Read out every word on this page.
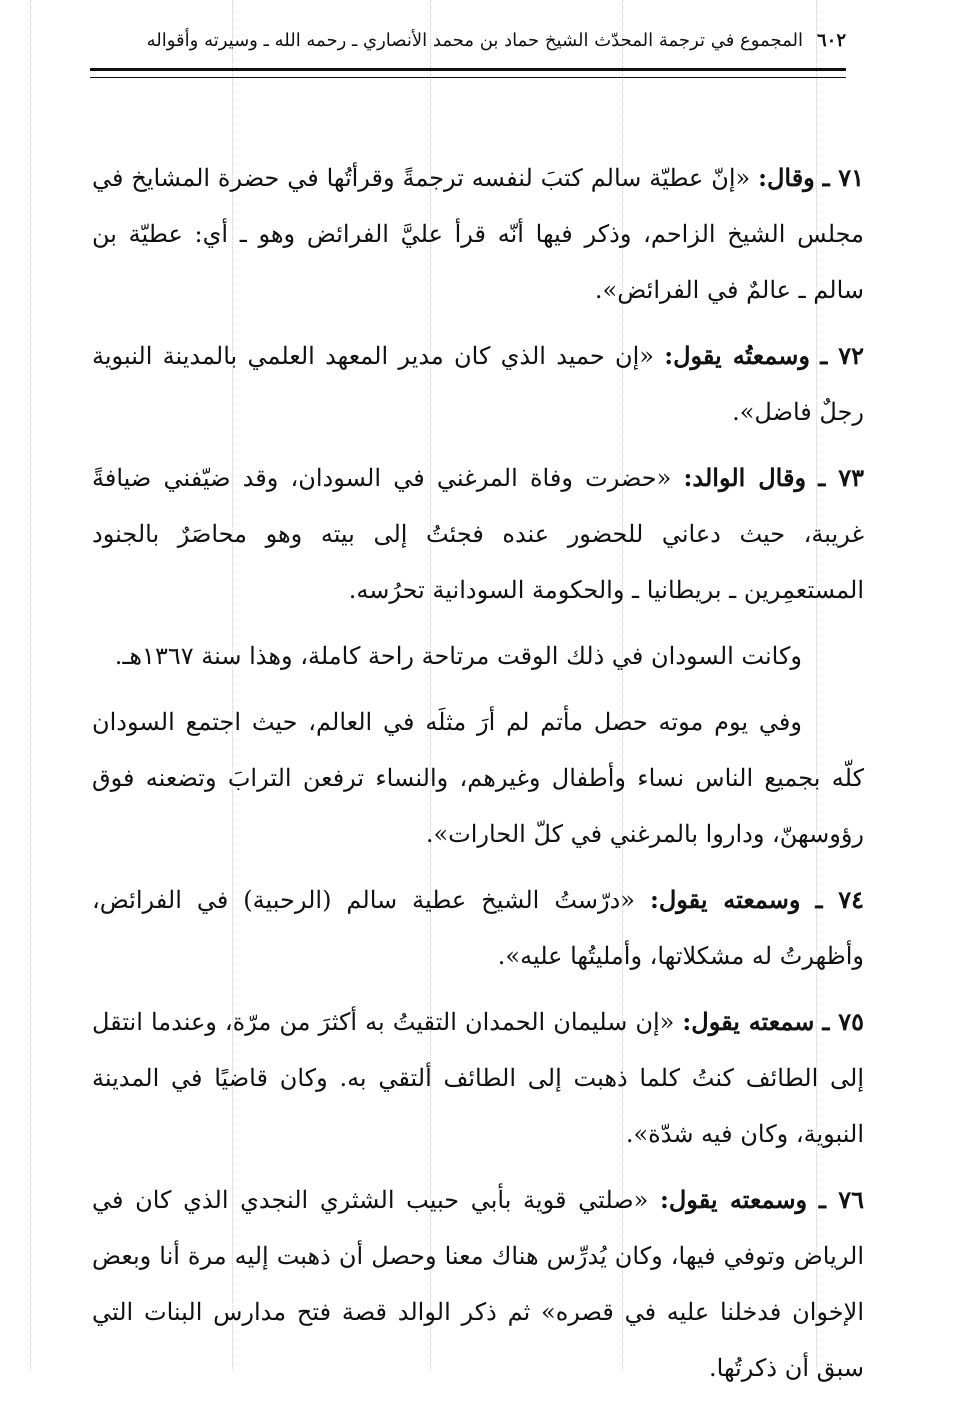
٦٠٢
المجموع في ترجمة المحدّث الشيخ حماد بن محمد الأنصاري ـ رحمه الله ـ وسيرته وأقواله

٧١ ـ وقال: «إنّ عطيّة سالم كتبَ لنفسه ترجمةً وقرأتُها في حضرة المشايخ في مجلس الشيخ الزاحم، وذكر فيها أنّه قرأ عليَّ الفرائض وهو ـ أي: عطيّة بن سالم ـ عالمٌ في الفرائض».

٧٢ ـ وسمعتُه يقول: «إن حميد الذي كان مدير المعهد العلمي بالمدينة النبوية رجلٌ فاضل».

٧٣ ـ وقال الوالد: «حضرت وفاة المرغني في السودان، وقد ضيّفني ضيافةً غريبة، حيث دعاني للحضور عنده فجئتُ إلى بيته وهو محاصَرٌ بالجنود المستعمِرين ـ بريطانيا ـ والحكومة السودانية تحرُسه.

وكانت السودان في ذلك الوقت مرتاحة راحة كاملة، وهذا سنة ١٣٦٧هـ.

وفي يوم موته حصل مأتم لم أرَ مثلَه في العالم، حيث اجتمع السودان كلّه بجميع الناس نساء وأطفال وغيرهم، والنساء ترفعن الترابَ وتضعنه فوق رؤوسهنّ، وداروا بالمرغني في كلّ الحارات».

٧٤ ـ وسمعته يقول: «درّستُ الشيخ عطية سالم (الرحبية) في الفرائض، وأظهرتُ له مشكلاتها، وأمليتُها عليه».

٧٥ ـ سمعته يقول: «إن سليمان الحمدان التقيتُ به أكثرَ من مرّة، وعندما انتقل إلى الطائف كنتُ كلما ذهبت إلى الطائف ألتقي به. وكان قاضيًا في المدينة النبوية، وكان فيه شدّة».

٧٦ ـ وسمعته يقول: «صلتي قوية بأبي حبيب الشثري النجدي الذي كان في الرياض وتوفي فيها، وكان يُدرِّس هناك معنا وحصل أن ذهبت إليه مرة أنا وبعض الإخوان فدخلنا عليه في قصره» ثم ذكر الوالد قصة فتح مدارس البنات التي سبق أن ذكرتُها.
